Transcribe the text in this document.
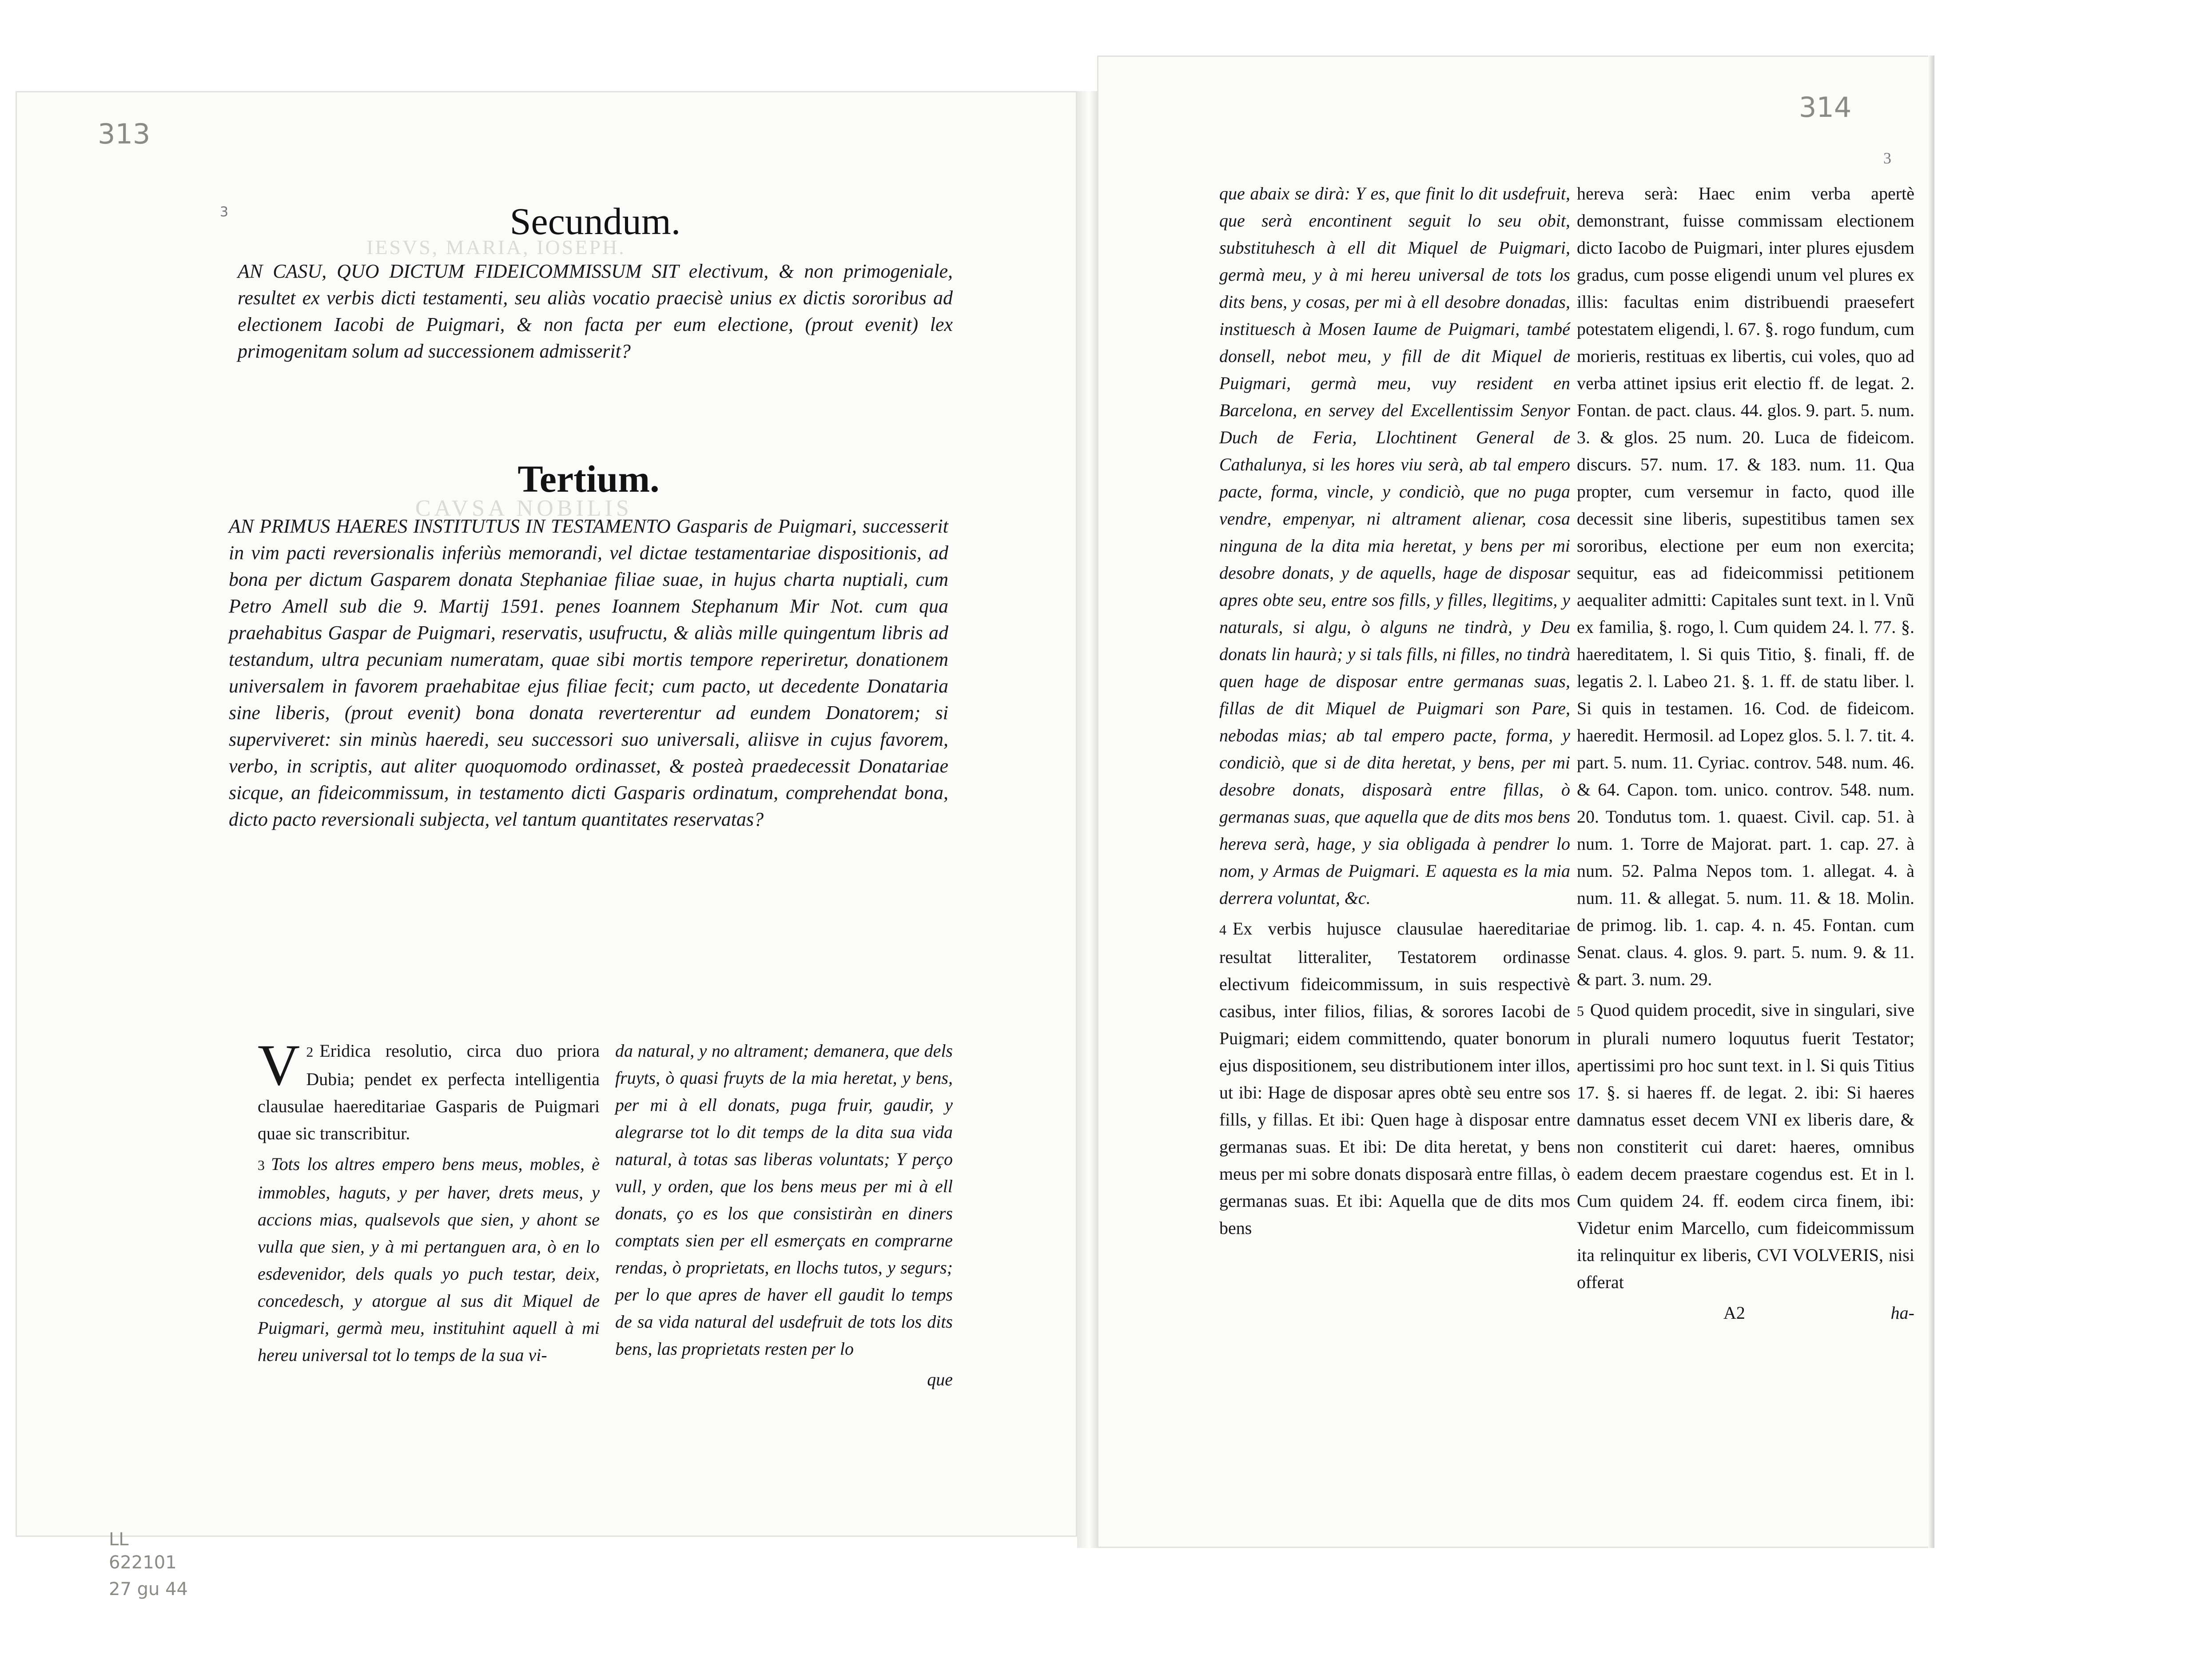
IESVS, MARIA, IOSEPH.
CAVSA NOBILIS
313
3	Secundum.

AN CASU, QUO DICTUM FIDEICOMMISSUM SIT electivum, & non primogeniale, resultet ex verbis dicti testamenti, seu aliàs vocatio praecisè unius ex dictis sororibus ad electionem Iacobi de Puigmari, & non facta per eum electione, (prout evenit) lex primogenitam solum ad successionem admisserit?

Tertium.

AN PRIMUS HAERES INSTITUTUS IN TESTAMENTO Gasparis de Puigmari, successerit in vim pacti reversionalis inferiùs memorandi, vel dictae testamentariae dispositionis, ad bona per dictum Gasparem donata Stephaniae filiae suae, in hujus charta nuptiali, cum Petro Amell sub die 9. Martij 1591. penes Ioannem Stephanum Mir Not. cum qua praehabitus Gaspar de Puigmari, reservatis, usufructu, & aliàs mille quingentum libris ad testandum, ultra pecuniam numeratam, quae sibi mortis tempore reperiretur, donationem universalem in favorem praehabitae ejus filiae fecit; cum pacto, ut decedente Donataria sine liberis, (prout evenit) bona donata reverterentur ad eundem Donatorem; si superviveret: sin minùs haeredi, seu successori suo universali, aliisve in cujus favorem, verbo, in scriptis, aut aliter quoquomodo ordinasset, & posteà praedecessit Donatariae sicque, an fideicommissum, in testamento dicti Gasparis ordinatum, comprehendat bona, dicto pacto reversionali subjecta, vel tantum quantitates reservatas?

2
V Eridica resolutio, circa duo priora Dubia; pendet ex perfecta intelligentia clausulae haereditariae Gasparis de Puigmari quae sic transcribitur.

3 Tots los altres empero bens meus, mobles, è immobles, haguts, y per haver, drets meus, y accions mias, qualsevols que sien, y ahont se vulla que sien, y à mi pertanguen ara, ò en lo esdevenidor, dels quals yo puch testar, deix, concedesch, y atorgue al sus dit Miquel de Puigmari, germà meu, instituhint aquell à mi hereu universal tot lo temps de la sua vi-

da natural, y no altrament; demanera, que dels fruyts, ò quasi fruyts de la mia heretat, y bens, per mi à ell donats, puga fruir, gaudir, y alegrarse tot lo dit temps de la dita sua vida natural, à totas sas liberas voluntats; Y perço vull, y orden, que los bens meus per mi à ell donats, ço es los que consistiràn en diners comptats sien per ell esmerçats en comprarne rendas, ò proprietats, en llochs tutos, y segurs; per lo que apres de haver ell gaudit lo temps de sa vida natural del usdefruit de tots los dits bens, las proprietats resten per lo

que
LL 622101
27 gu 44
314
3

que abaix se dirà: Y es, que finit lo dit usdefruit, que serà encontinent seguit lo seu obit, substituhesch à ell dit Miquel de Puigmari, germà meu, y à mi hereu universal de tots los dits bens, y cosas, per mi à ell desobre donadas, instituesch à Mosen Iaume de Puigmari, també donsell, nebot meu, y fill de dit Miquel de Puigmari, germà meu, vuy resident en Barcelona, en servey del Excellentissim Senyor Duch de Feria, Llochtinent General de Cathalunya, si les hores viu serà, ab tal empero pacte, forma, vincle, y condiciò, que no puga vendre, empenyar, ni altrament alienar, cosa ninguna de la dita mia heretat, y bens per mi desobre donats, y de aquells, hage de disposar apres obte seu, entre sos fills, y filles, llegitims, y naturals, si algu, ò alguns ne tindrà, y Deu donats lin haurà; y si tals fills, ni filles, no tindrà quen hage de disposar entre germanas suas, fillas de dit Miquel de Puigmari son Pare, nebodas mias; ab tal empero pacte, forma, y condiciò, que si de dita heretat, y bens, per mi desobre donats, disposarà entre fillas, ò germanas suas, que aquella que de dits mos bens hereva serà, hage, y sia obligada à pendrer lo nom, y Armas de Puigmari. E aquesta es la mia derrera voluntat, &c.

4 Ex verbis hujusce clausulae haereditariae resultat litteraliter, Testatorem ordinasse electivum fideicommissum, in suis respectivè casibus, inter filios, filias, & sorores Iacobi de Puigmari; eidem committendo, quater bonorum ejus dispositionem, seu distributionem inter illos, ut ibi: Hage de disposar apres obtè seu entre sos fills, y fillas. Et ibi: Quen hage à disposar entre germanas suas. Et ibi: De dita heretat, y bens meus per mi sobre donats disposarà entre fillas, ò germanas suas. Et ibi: Aquella que de dits mos bens

hereva serà: Haec enim verba apertè demonstrant, fuisse commissam electionem dicto Iacobo de Puigmari, inter plures ejusdem gradus, cum posse eligendi unum vel plures ex illis: facultas enim distribuendi praesefert potestatem eligendi, l. 67. §. rogo fundum, cum morieris, restituas ex libertis, cui voles, quo ad verba attinet ipsius erit electio ff. de legat. 2. Fontan. de pact. claus. 44. glos. 9. part. 5. num. 3. & glos. 25 num. 20. Luca de fideicom. discurs. 57. num. 17. & 183. num. 11. Qua propter, cum versemur in facto, quod ille decessit sine liberis, supestitibus tamen sex sororibus, electione per eum non exercita; sequitur, eas ad fideicommissi petitionem aequaliter admitti: Capitales sunt text. in l. Vnũ ex familia, §. rogo, l. Cum quidem 24. l. 77. §. haereditatem, l. Si quis Titio, §. finali, ff. de legatis 2. l. Labeo 21. §. 1. ff. de statu liber. l. Si quis in testamen. 16. Cod. de fideicom. haeredit. Hermosil. ad Lopez glos. 5. l. 7. tit. 4. part. 5. num. 11. Cyriac. controv. 548. num. 46. & 64. Capon. tom. unico. controv. 548. num. 20. Tondutus tom. 1. quaest. Civil. cap. 51. à num. 1. Torre de Majorat. part. 1. cap. 27. à num. 52. Palma Nepos tom. 1. allegat. 4. à num. 11. & allegat. 5. num. 11. & 18. Molin. de primog. lib. 1. cap. 4. n. 45. Fontan. cum Senat. claus. 4. glos. 9. part. 5. num. 9. & 11. & part. 3. num. 29.

5 Quod quidem procedit, sive in singulari, sive in plurali numero loquutus fuerit Testator; apertissimi pro hoc sunt text. in l. Si quis Titius 17. §. si haeres ff. de legat. 2. ibi: Si haeres damnatus esset decem VNI ex liberis dare, & non constiterit cui daret: haeres, omnibus eadem decem praestare cogendus est. Et in l. Cum quidem 24. ff. eodem circa finem, ibi: Videtur enim Marcello, cum fideicommissum ita relinquitur ex liberis, CVI VOLVERIS, nisi offerat

A2	ha-
